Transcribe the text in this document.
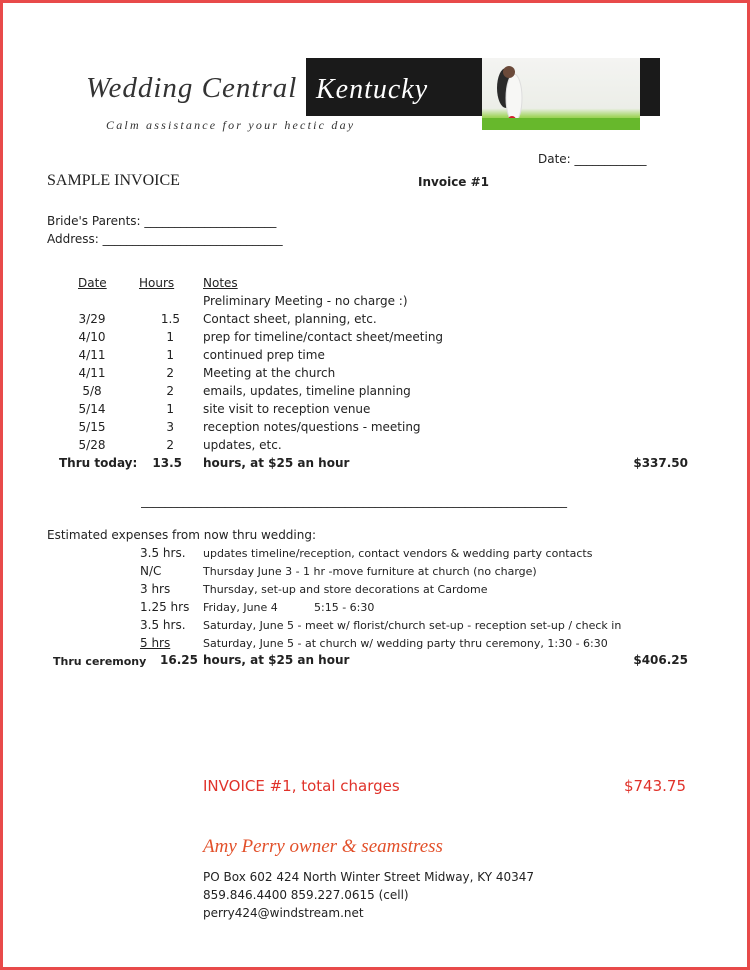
Wedding Central Kentucky
Calm assistance for your hectic day
Date: ____________
SAMPLE INVOICE	Invoice #1
Bride's Parents: ______________________
Address: ______________________________
Date	Hours Notes
Preliminary Meeting - no charge :)
3/29	1.5 Contact sheet, planning, etc.
4/10	1 prep for timeline/contact sheet/meeting
4/11	1 continued prep time
4/11	2 Meeting at the church
5/8	2 emails, updates, timeline planning
5/14	1 site visit to reception venue
5/15	3 reception notes/questions - meeting
5/28	2 updates, etc.
Thru today:	13.5 hours, at $25 an hour	$337.50
_______________________________________________________________________
Estimated expenses from now thru wedding:
3.5 hrs. updates timeline/reception, contact vendors & wedding party contacts
N/C	Thursday June 3 - 1 hr -move furniture at church (no charge)
3 hrs	Thursday, set-up and store decorations at Cardome
1.25 hrs Friday, June 4	5:15 - 6:30
3.5 hrs. Saturday, June 5 - meet w/ florist/church set-up - reception set-up / check in
5 hrs	Saturday, June 5 - at church w/ wedding party thru ceremony, 1:30 - 6:30
Thru ceremony	16.25 hours, at $25 an hour	$406.25
INVOICE #1, total charges	$743.75
Amy Perry owner & seamstress
PO Box 602 424 North Winter Street Midway, KY 40347
859.846.4400 859.227.0615 (cell)
perry424@windstream.net
